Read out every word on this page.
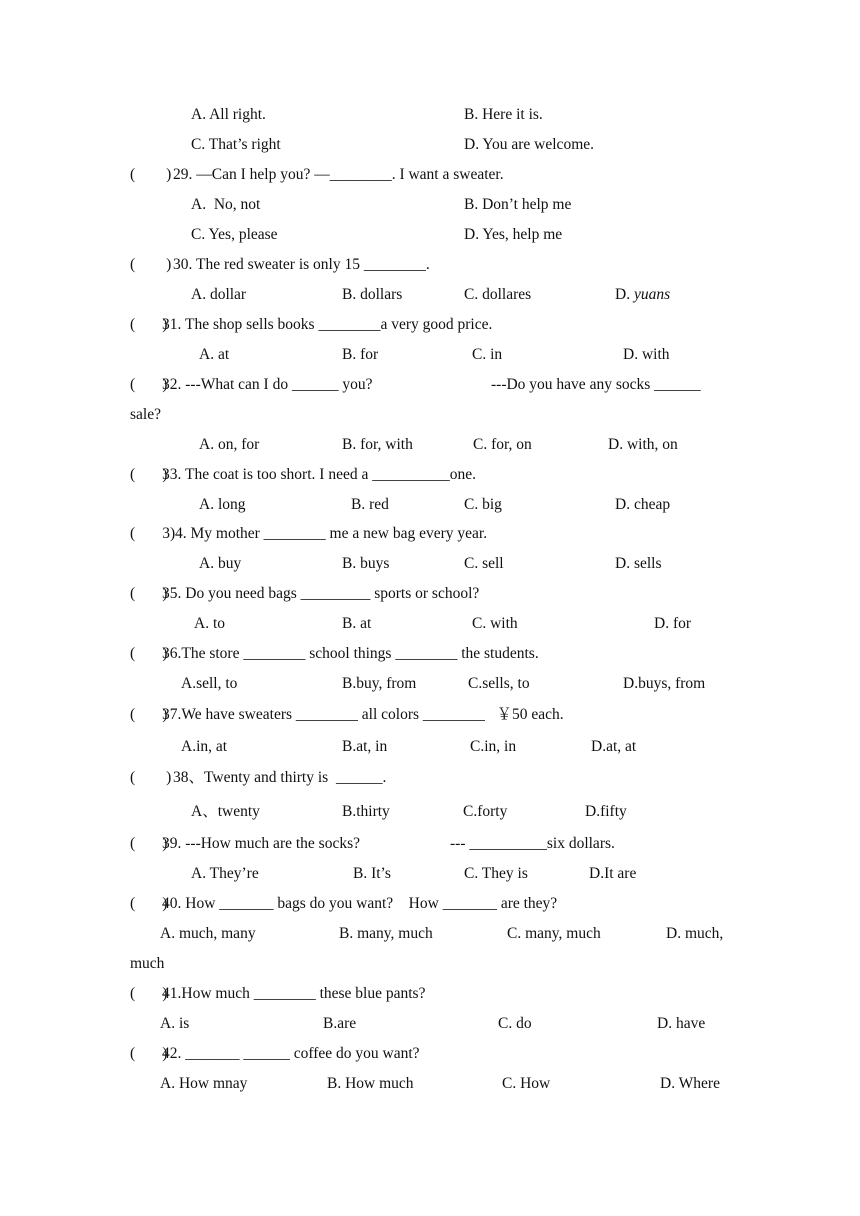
A. All right.	B. Here it is.
C. That’s right	D. You are welcome.
(        ) 29. —Can I help you? —________. I want a sweater.
A.  No, not	B. Don’t help me
C. Yes, please	D. Yes, help me
(        ) 30. The red sweater is only 15 ________.
A. dollar	B. dollars	C. dollares	D. yuans
(       )
31. The shop sells books ________a very good price.
A. at	B. for	C. in	D. with
(       )
32. ---What can I do ______ you?	---Do you have any socks ______
sale?
A. on, for	B. for, with	C. for, on	D. with, on
(       )
33. The coat is too short. I need a __________one.
A. long	B. red	C. big	D. cheap
(       3) 4. My mother ________ me a new bag every year.
A. buy	B. buys	C. sell	D. sells
(       )
35. Do you need bags _________ sports or school?
A. to	B. at	C. with	D. for
(       )
36.The store ________ school things ________ the students.
A.sell, to	B.buy, from	C.sells, to	D.buys, from
(       )
37.We have sweaters ________ all colors ________   ￥50 each.
A.in, at	B.at, in	C.in, in	D.at, at
(        ) 38、Twenty and thirty is  ______.
A、twenty	B.thirty	C.forty	D.fifty
(       )
39. ---How much are the socks?	--- __________six dollars.
A. They’re	B. It’s	C. They is	D.It are
(       )
40. How _______ bags do you want?    How _______ are they?
A. much, many	B. many, much	C. many, much	D. much,
much
(       )
41.How much ________ these blue pants?
A. is	B.are	C. do	D. have
(       )
42. _______ ______ coffee do you want?
A. How mnay	B. How much	C. How	D. Where
